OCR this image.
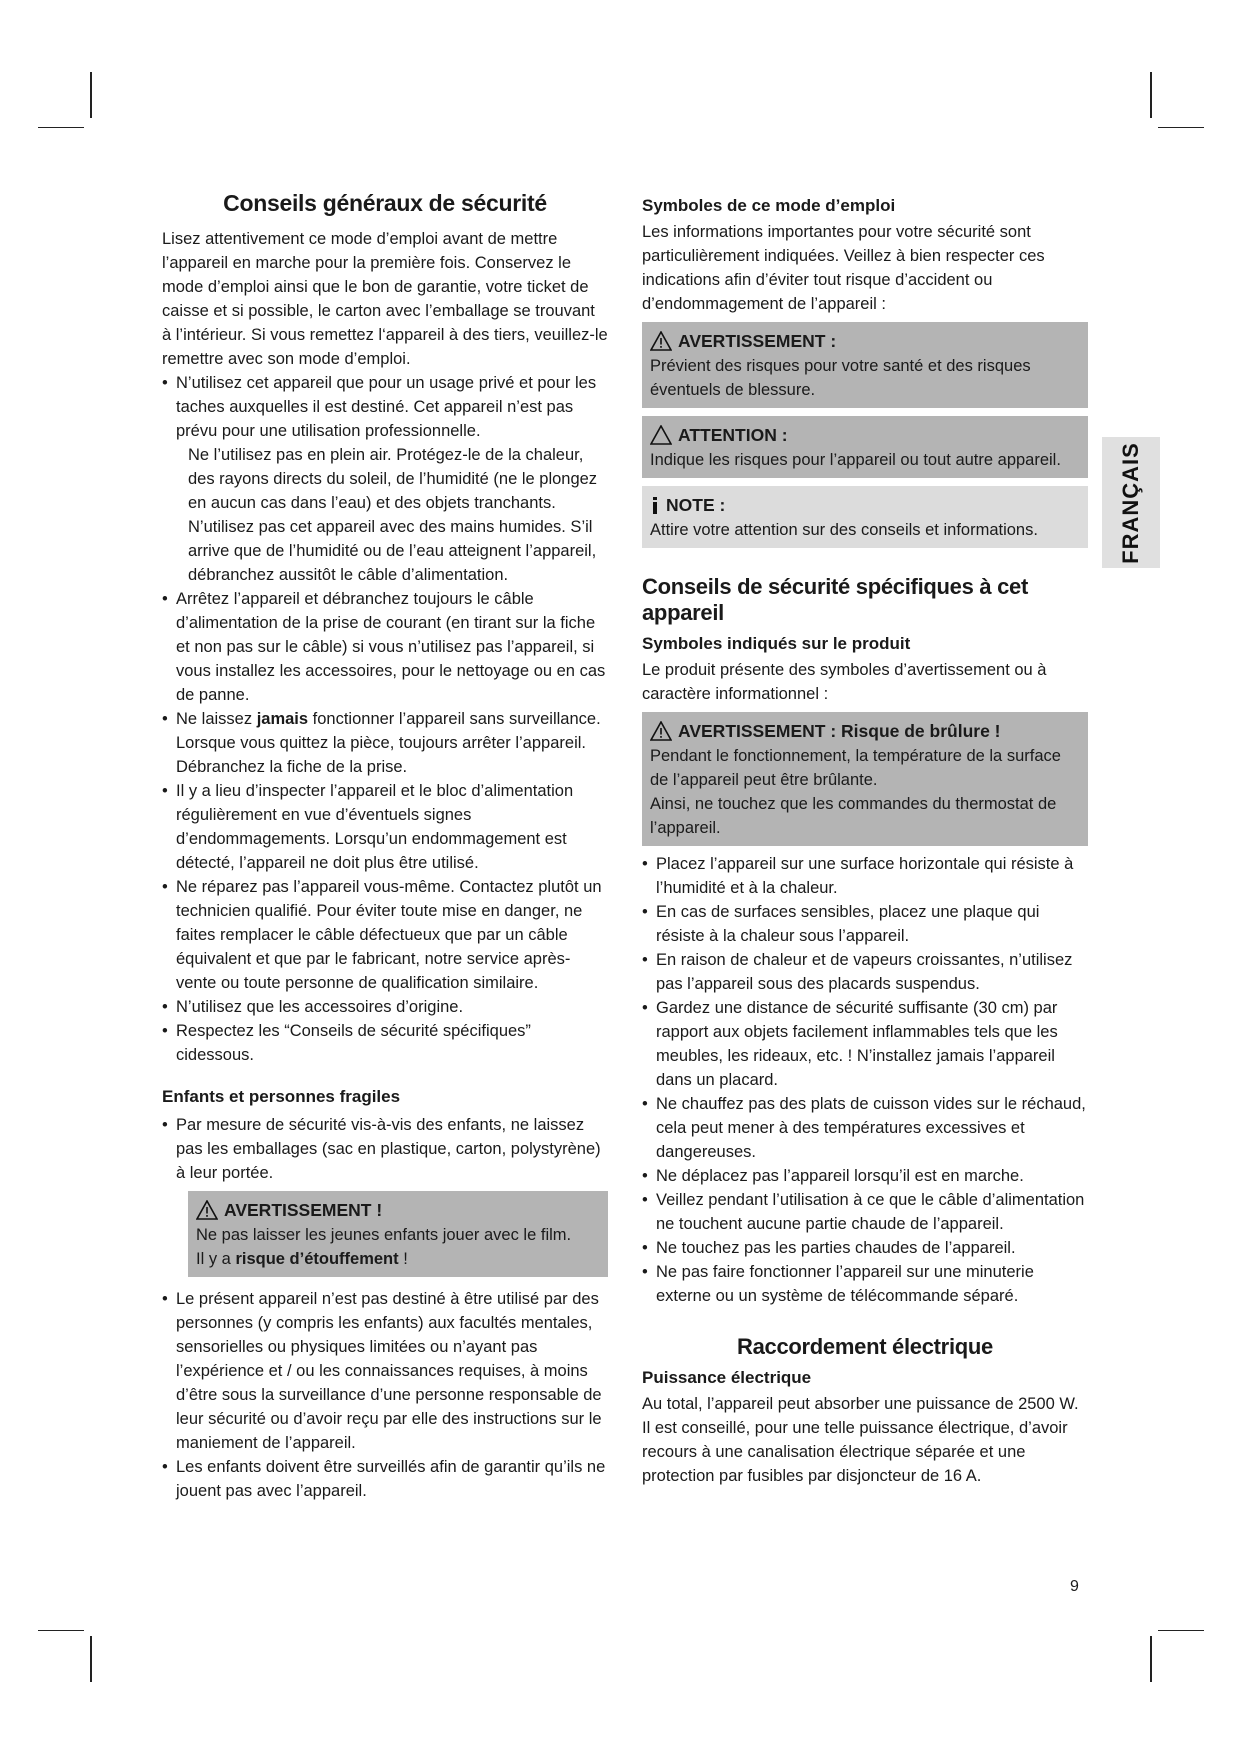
Conseils généraux de sécurité

Lisez attentivement ce mode d’emploi avant de mettre l’appareil en marche pour la première fois. Conservez le mode d’emploi ainsi que le bon de garantie, votre ticket de caisse et si possible, le carton avec l’emballage se trouvant à l’intérieur. Si vous remettez l‘appareil à des tiers, veuillez-le remettre avec son mode d’emploi.

• N’utilisez cet appareil que pour un usage privé et pour les taches auxquelles il est destiné. Cet appareil n’est pas prévu pour une utilisation professionnelle.
Ne l’utilisez pas en plein air. Protégez-le de la chaleur, des rayons directs du soleil, de l’humidité (ne le plongez en aucun cas dans l’eau) et des objets tranchants. N’utilisez pas cet appareil avec des mains humides. S’il arrive que de l’humidité ou de l’eau atteignent l’appareil, débranchez aussitôt le câble d’alimentation.
• Arrêtez l’appareil et débranchez toujours le câble d’alimentation de la prise de courant (en tirant sur la fiche et non pas sur le câble) si vous n’utilisez pas l’appareil, si vous installez les accessoires, pour le nettoyage ou en cas de panne.
• Ne laissez jamais fonctionner l’appareil sans surveillance. Lorsque vous quittez la pièce, toujours arrêter l’appareil. Débranchez la fiche de la prise.
• Il y a lieu d’inspecter l’appareil et le bloc d’alimentation régulièrement en vue d’éventuels signes d’endommagements. Lorsqu’un endommagement est détecté, l’appareil ne doit plus être utilisé.
• Ne réparez pas l’appareil vous-même. Contactez plutôt un technicien qualifié. Pour éviter toute mise en danger, ne faites remplacer le câble défectueux que par un câble équivalent et que par le fabricant, notre service après-vente ou toute personne de qualification similaire.
• N’utilisez que les accessoires d’origine.
• Respectez les “Conseils de sécurité spécifiques” cidessous.
Enfants et personnes fragiles
• Par mesure de sécurité vis-à-vis des enfants, ne laissez pas les emballages (sac en plastique, carton, polystyrène) à leur portée.
AVERTISSEMENT !

Ne pas laisser les jeunes enfants jouer avec le film.

Il y a risque d’étouffement !

• Le présent appareil n’est pas destiné à être utilisé par des personnes (y compris les enfants) aux facultés mentales, sensorielles ou physiques limitées ou n’ayant pas l’expérience et / ou les connaissances requises, à moins d’être sous la surveillance d’une personne responsable de leur sécurité ou d’avoir reçu par elle des instructions sur le maniement de l’appareil.
• Les enfants doivent être surveillés afin de garantir qu’ils ne jouent pas avec l’appareil.
Symboles de ce mode d’emploi

Les informations importantes pour votre sécurité sont particulièrement indiquées. Veillez à bien respecter ces indications afin d’éviter tout risque d’accident ou d’endommagement de l’appareil :

AVERTISSEMENT :

Prévient des risques pour votre santé et des risques éventuels de blessure.

ATTENTION :

Indique les risques pour l’appareil ou tout autre appareil.

NOTE :

Attire votre attention sur des conseils et informations.

Conseils de sécurité spécifiques à cet appareil
Symboles indiqués sur le produit

Le produit présente des symboles d’avertissement ou à caractère informationnel :

AVERTISSEMENT : Risque de brûlure !

Pendant le fonctionnement, la température de la surface de l’appareil peut être brûlante.

Ainsi, ne touchez que les commandes du thermostat de l’appareil.

• Placez l’appareil sur une surface horizontale qui résiste à l’humidité et à la chaleur.
• En cas de surfaces sensibles, placez une plaque qui résiste à la chaleur sous l’appareil.
• En raison de chaleur et de vapeurs croissantes, n’utilisez pas l’appareil sous des placards suspendus.
• Gardez une distance de sécurité suffisante (30 cm) par rapport aux objets facilement inflammables tels que les meubles, les rideaux, etc. ! N’installez jamais l’appareil dans un placard.
• Ne chauffez pas des plats de cuisson vides sur le réchaud, cela peut mener à des températures excessives et dangereuses.
• Ne déplacez pas l’appareil lorsqu’il est en marche.
• Veillez pendant l’utilisation à ce que le câble d’alimentation ne touchent aucune partie chaude de l’appareil.
• Ne touchez pas les parties chaudes de l’appareil.
• Ne pas faire fonctionner l’appareil sur une minuterie externe ou un système de télécommande séparé.
Raccordement électrique
Puissance électrique

Au total, l’appareil peut absorber une puissance de 2500 W. Il est conseillé, pour une telle puissance électrique, d’avoir recours à une canalisation électrique séparée et une protection par fusibles par disjoncteur de 16 A.

FRANÇAIS
9
